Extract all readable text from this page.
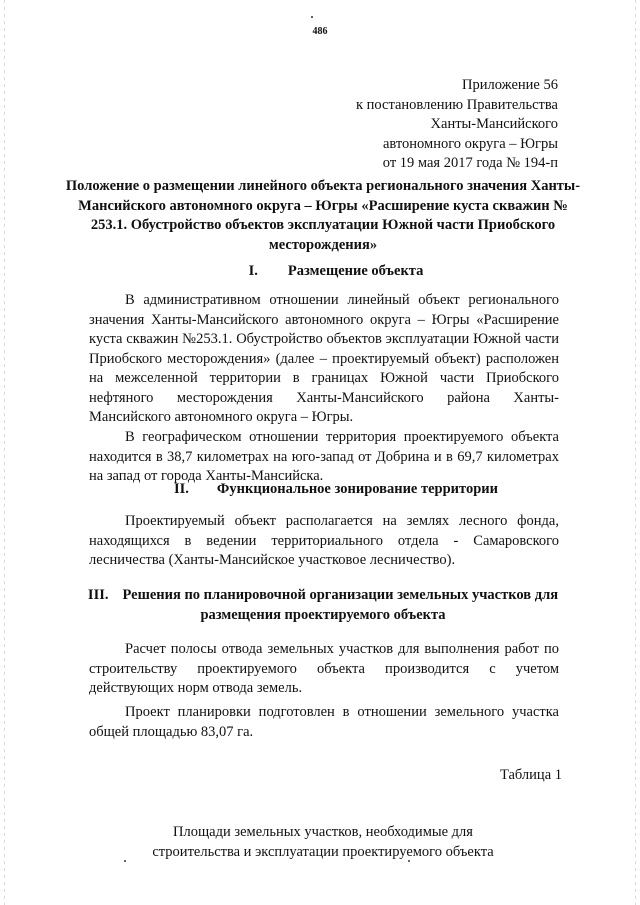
486
Приложение 56
к постановлению Правительства
Ханты-Мансийского
автономного округа – Югры
от 19 мая 2017 года № 194-п
Положение о размещении линейного объекта регионального значения Ханты-Мансийского автономного округа – Югры «Расширение куста скважин № 253.1. Обустройство объектов эксплуатации Южной части Приобского месторождения»
I. Размещение объекта
В административном отношении линейный объект регионального значения Ханты-Мансийского автономного округа – Югры «Расширение куста скважин №253.1. Обустройство объектов эксплуатации Южной части Приобского месторождения» (далее – проектируемый объект) расположен на межселенной территории в границах Южной части Приобского нефтяного месторождения Ханты-Мансийского района Ханты-Мансийского автономного округа – Югры.
В географическом отношении территория проектируемого объекта находится в 38,7 километрах на юго-запад от Добрина и в 69,7 километрах на запад от города Ханты-Мансийска.
II. Функциональное зонирование территории
Проектируемый объект располагается на землях лесного фонда, находящихся в ведении территориального отдела - Самаровского лесничества (Ханты-Мансийское участковое лесничество).
III. Решения по планировочной организации земельных участков для
размещения проектируемого объекта
Расчет полосы отвода земельных участков для выполнения работ по строительству проектируемого объекта производится с учетом действующих норм отвода земель.
Проект планировки подготовлен в отношении земельного участка общей площадью 83,07 га.
Таблица 1
Площади земельных участков, необходимые для
строительства и эксплуатации проектируемого объекта
